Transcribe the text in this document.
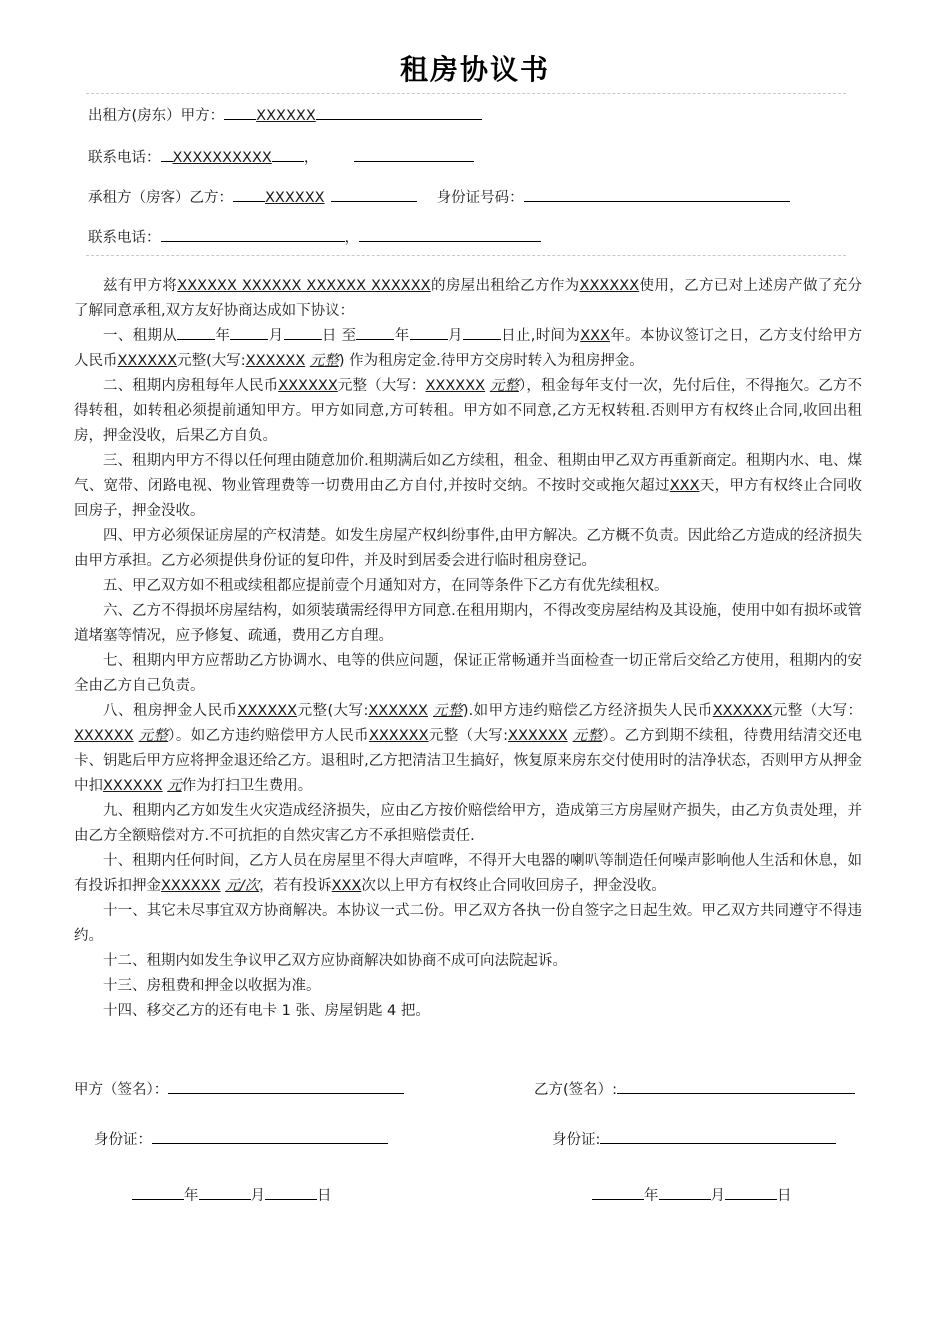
租房协议书
出租方(房东）甲方： XXXXXX
联系电话： XXXXXXXXXX ，
承租方（房客）乙方： XXXXXX	身份证号码：
联系电话：	，

兹有甲方将XXXXXX XXXXXX XXXXXX XXXXXX的房屋出租给乙方作为XXXXXX使用，乙方已对上述房产做了充分了解同意承租,双方友好协商达成如下协议：

一、租期从	年	月	日 至	年	月	日止,时间为XXX年。本协议签订之日，乙方支付给甲方人民币XXXXXX元整(大写:XXXXXX 元整) 作为租房定金.待甲方交房时转入为租房押金。

二、租期内房租每年人民币XXXXXX元整（大写：XXXXXX 元整），租金每年支付一次，先付后住，不得拖欠。乙方不得转租，如转租必须提前通知甲方。甲方如同意,方可转租。甲方如不同意,乙方无权转租.否则甲方有权终止合同,收回出租房，押金没收，后果乙方自负。

三、租期内甲方不得以任何理由随意加价.租期满后如乙方续租，租金、租期由甲乙双方再重新商定。租期内水、电、煤气、宽带、闭路电视、物业管理费等一切费用由乙方自付,并按时交纳。不按时交或拖欠超过XXX天，甲方有权终止合同收回房子，押金没收。

四、甲方必须保证房屋的产权清楚。如发生房屋产权纠纷事件,由甲方解决。乙方概不负责。因此给乙方造成的经济损失由甲方承担。乙方必须提供身份证的复印件，并及时到居委会进行临时租房登记。

五、甲乙双方如不租或续租都应提前壹个月通知对方，在同等条件下乙方有优先续租权。

六、乙方不得损坏房屋结构，如须装璜需经得甲方同意.在租用期内，不得改变房屋结构及其设施，使用中如有损坏或管道堵塞等情况，应予修复、疏通，费用乙方自理。

七、租期内甲方应帮助乙方协调水、电等的供应问题，保证正常畅通并当面检查一切正常后交给乙方使用，租期内的安全由乙方自己负责。

八、租房押金人民币XXXXXX元整(大写:XXXXXX 元整).如甲方违约赔偿乙方经济损失人民币XXXXXX元整（大写：XXXXXX 元整）。如乙方违约赔偿甲方人民币XXXXXX元整（大写:XXXXXX 元整）。乙方到期不续租，待费用结清交还电卡、钥匙后甲方应将押金退还给乙方。退租时,乙方把清洁卫生搞好，恢复原来房东交付使用时的洁净状态，否则甲方从押金中扣XXXXXX 元作为打扫卫生费用。

九、租期内乙方如发生火灾造成经济损失，应由乙方按价赔偿给甲方，造成第三方房屋财产损失，由乙方负责处理，并由乙方全额赔偿对方.不可抗拒的自然灾害乙方不承担赔偿责任.

十、租期内任何时间，乙方人员在房屋里不得大声喧哗，不得开大电器的喇叭等制造任何噪声影响他人生活和休息，如有投诉扣押金XXXXXX 元/次，若有投诉XXX次以上甲方有权终止合同收回房子，押金没收。

十一、其它未尽事宜双方协商解决。本协议一式二份。甲乙双方各执一份自签字之日起生效。甲乙双方共同遵守不得违约。

十二、租期内如发生争议甲乙双方应协商解决如协商不成可向法院起诉。

十三、房租费和押金以收据为准。

十四、移交乙方的还有电卡 1 张、房屋钥匙 4 把。

甲方（签名）：	乙方(签名）:
身份证：	身份证:
年	月	日	年	月	日
